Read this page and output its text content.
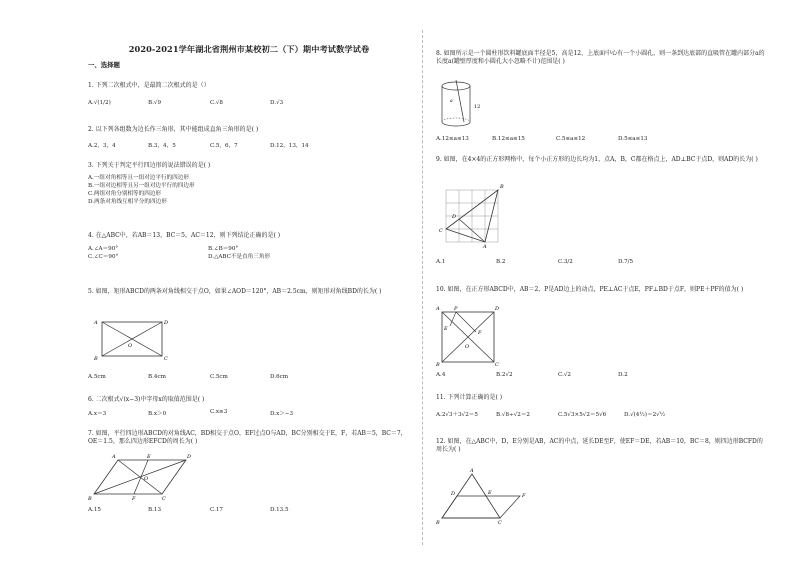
2020-2021学年湖北省荆州市某校初二（下）期中考试数学试卷
一、选择题
1. 下列二次根式中，是最简二次根式的是（）
A.√(1/2)	B.√9	C.√8	D.√3
2. 以下列各组数为边长作三角形，其中能组成直角三角形的是( )
A.2，3，4	B.3，4，5	C.5，6，7	D.12，13，14
3. 下列关于判定平行四边形的说法错误的是( )
A.一组对角相等且一组对边平行的四边形
B.一组对边相等且另一组对边平行的四边形
C.两组对角分别相等的四边形
D.两条对角线互相平分的四边形
4. 在△ABC中，若AB＝13，BC＝5，AC＝12，则下列结论正确的是( )
A.∠A＝90°	B.∠B＝90°
C.∠C＝90°	D.△ABC不是直角三角形
5. 如图，矩形ABCD的两条对角线相交于点O，如果∠AOD＝120°，AB＝2.5cm，则矩形对角线BD的长为( )
A	D
B	C
O
A.5cm	B.4cm	C.5cm	D.6cm
6. 二次根式√(x−3)中字母x的取值范围是( )
A.x＝3	B.x＞0	C.x≥3	D.x＞−3
7. 如图，平行四边形ABCD的对角线AC，BD相交于点O，EF过点O与AD，BC分别相交于E，F，若AB＝5，BC＝7，OE＝1.5，那么四边形EFCD的周长为( )
A	E	D
B	F	C
O
A.15	B.13	C.17	D.13.5
8. 如图所示是一个圆柱形饮料罐底面半径是5，高是12，上底面中心有一个小圆孔，则一条到达底部的直吸管在罐内部分a的长度a(罐壁厚度和小圆孔大小忽略不计)范围是( )
a
12
A.12≤a≤13	B.12≤a≤15	C.5≤a≤12	D.5≤a≤13
9. 如图，在4×4的正方形网格中，每个小正方形的边长均为1，点A，B，C都在格点上，AD⊥BC于点D，则AD的长为( )
B
C
D
A
A.1	B.2	C.3/2	D.7/5
10. 如图，在正方形ABCD中，AB＝2，P是AD边上的动点，PE⊥AC于点E，PF⊥BD于点F，则PE＋PF的值为( )
A	P	D
E
F
O
B	C
A.4	B.2√2	C.√2	D.2
11. 下列计算正确的是( )
A.2√3＋3√2＝5	B.√8÷√2＝2	C.5√3×5√2＝5√6	D.√(4½)＝2√½
12. 如图，在△ABC中，D，E分别是AB，AC的中点，延长DE至F，使EF＝DE，若AB＝10，BC＝8，则四边形BCFD的周长为( )
A
D	E	F
B	C
